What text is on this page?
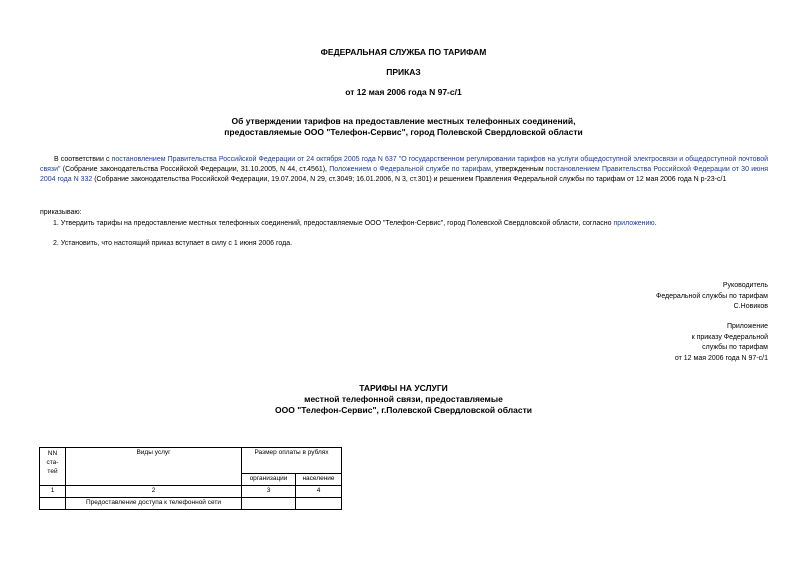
ФЕДЕРАЛЬНАЯ СЛУЖБА ПО ТАРИФАМ
ПРИКАЗ
от 12 мая 2006 года N 97-с/1
Об утверждении тарифов на предоставление местных телефонных соединений,
предоставляемые ООО "Телефон-Сервис", город Полевской Свердловской области
В соответствии с постановлением Правительства Российской Федерации от 24 октября 2005 года N 637 "О государственном регулировании тарифов на услуги общедоступной электросвязи и общедоступной почтовой связи" (Собрание законодательства Российской Федерации, 31.10.2005, N 44, ст.4561), Положением о Федеральной службе по тарифам, утвержденным постановлением Правительства Российской Федерации от 30 июня 2004 года N 332 (Собрание законодательства Российской Федерации, 19.07.2004, N 29, ст.3049; 16.01.2006, N 3, ст.301) и решением Правления Федеральной службы по тарифам от 12 мая 2006 года N р-23-с/1
приказываю:
1. Утвердить тарифы на предоставление местных телефонных соединений, предоставляемые ООО "Телефон-Сервис", город Полевской Свердловской области, согласно приложению.
2. Установить, что настоящий приказ вступает в силу с 1 июня 2006 года.
Руководитель
Федеральной службы по тарифам
С.Новиков
Приложение
к приказу Федеральной
службы по тарифам
от 12 мая 2006 года N 97-с/1
ТАРИФЫ НА УСЛУГИ
местной телефонной связи, предоставляемые
ООО "Телефон-Сервис", г.Полевской Свердловской области
NN
ста-
тей	Виды услуг	Размер оплаты в рублях	
		организации	население
1	2	3	4
	Предоставление доступа к телефонной сети		
